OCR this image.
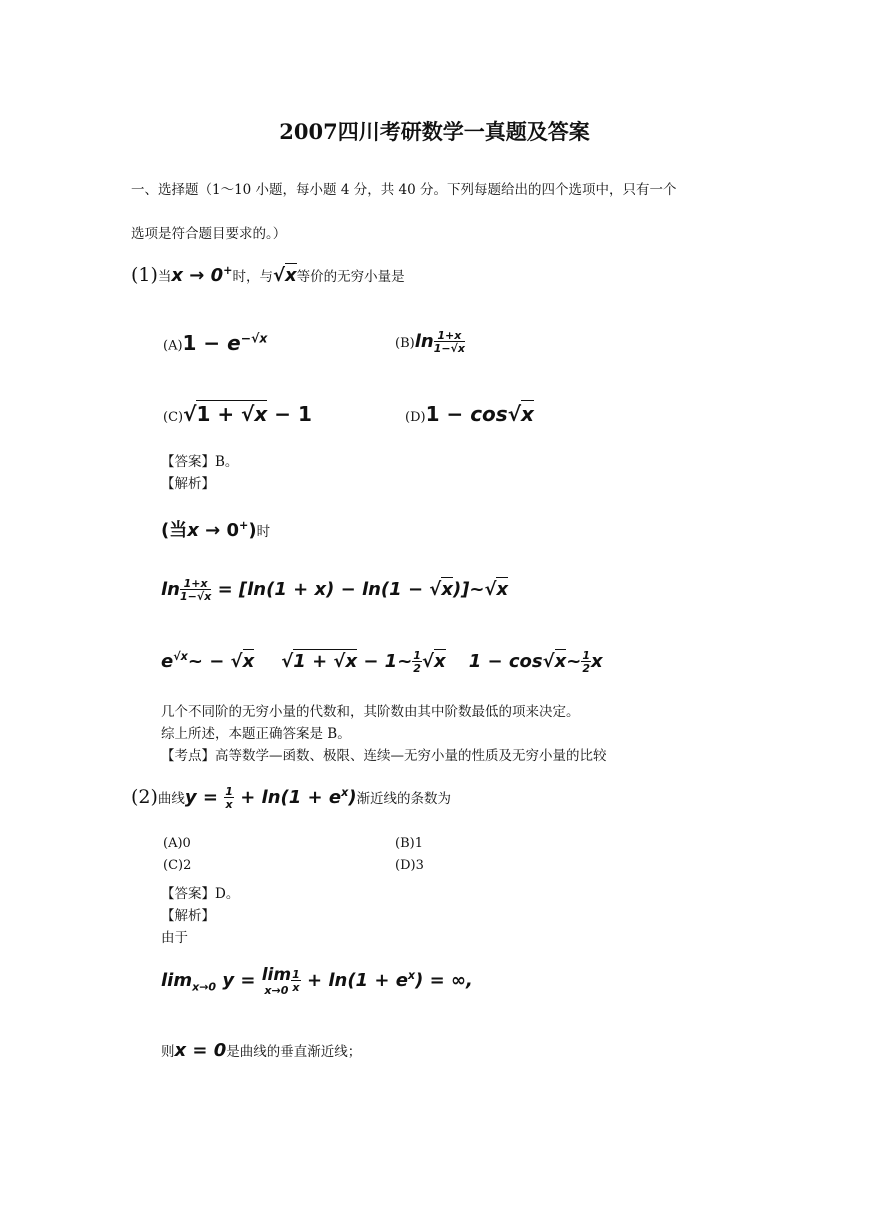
2007四川考研数学一真题及答案
一、选择题（1〜10 小题，每小题 4 分，共 40 分。下列每题给出的四个选项中，只有一个
选项是符合题目要求的。）
(1)当x → 0+时，与√x等价的无穷小量是
$(A)1 - e^{-√x}$	$(B)\ln \frac{1+x}{1-√x}$
(C)√1 + √x − 1	(D)1 − cos√x
【答案】B。
【解析】
(当x → 0+)时
$\ln \frac{1+x}{1-√x} = [\ln(1 + x) - \ln(1$ − √x)]~√x
$e^{√x}\sim - √x$ √1 + √x − 1~ $\frac{1}{2} √x$ 1 − cos√x~ $\frac{1}{2}$ x
几个不同阶的无穷小量的代数和，其阶数由其中阶数最低的项来决定。
综上所述，本题正确答案是 B。
【考点】高等数学—函数、极限、连续—无穷小量的性质及无穷小量的比较
(2)曲线$y = \frac{1}{x} + \ln(1 + e^x)$渐近线的条数为
(A)0	(B)1
(C)2	(D)3
【答案】D。
【解析】
由于
$\lim_{x\to 0} y = \lim$
$x\to 0 \frac{1}{x} + \ln(1 + e^x)$ = ∞,
则x = 0是曲线的垂直渐近线；
